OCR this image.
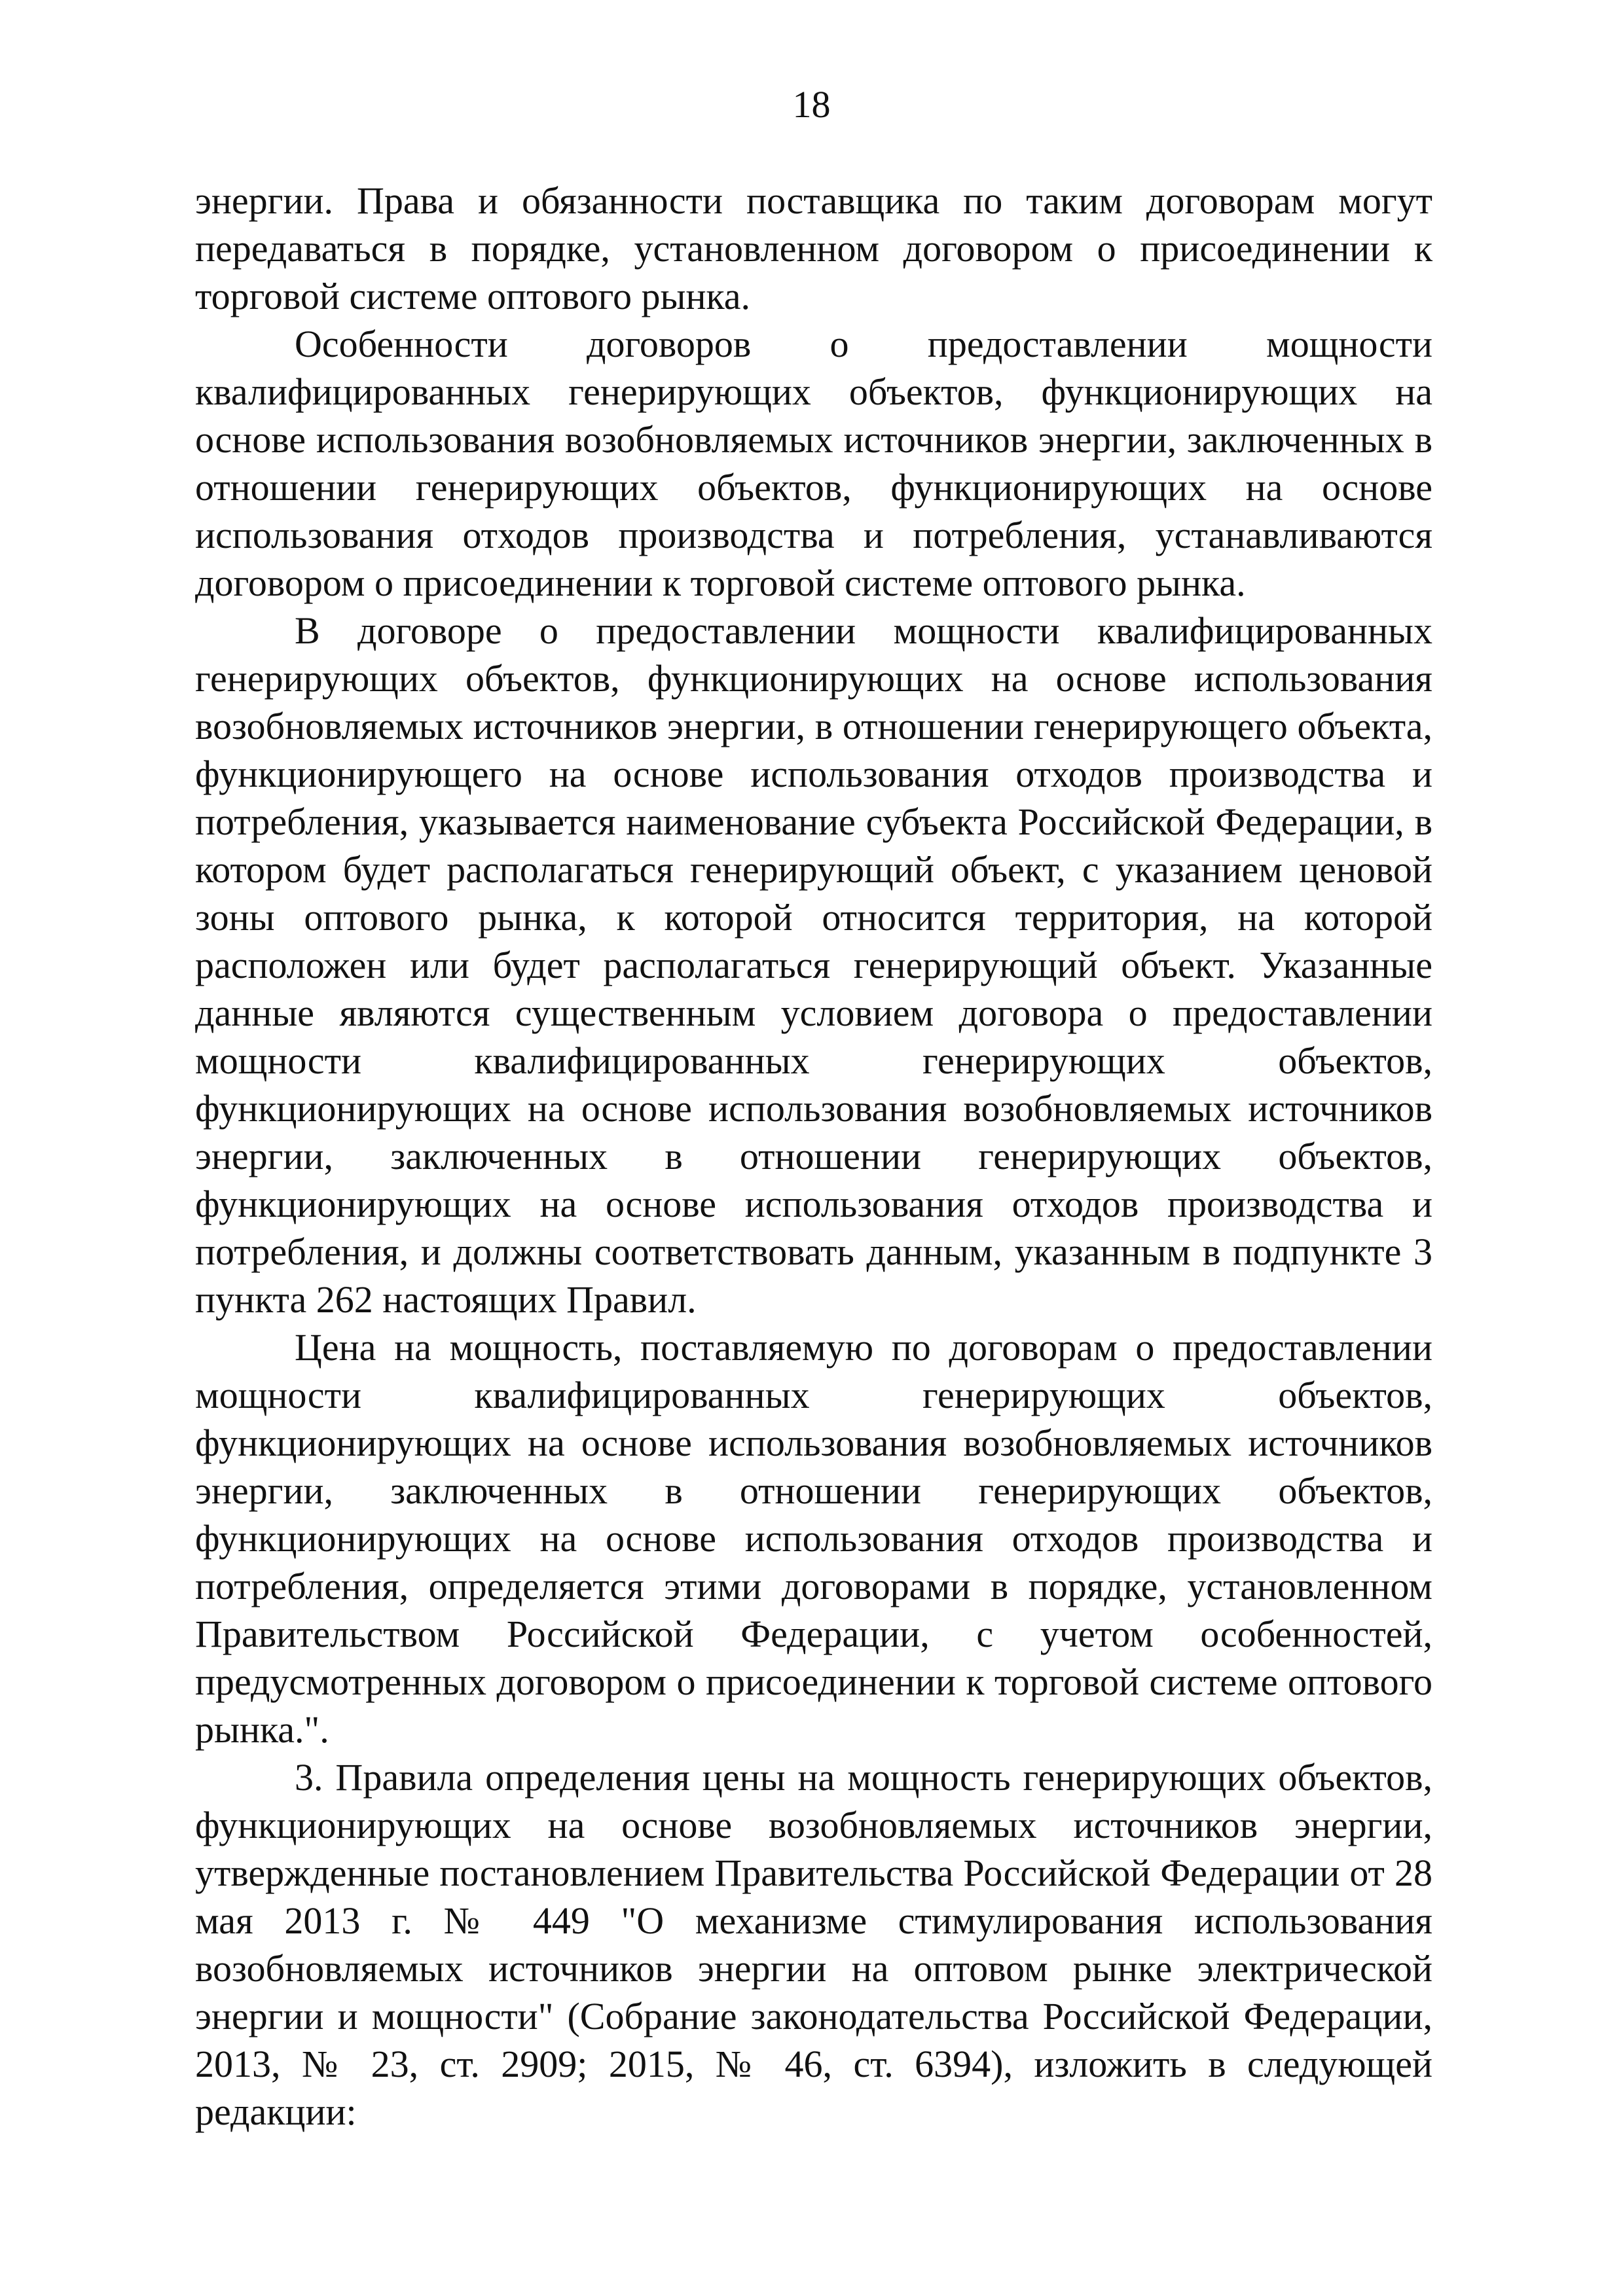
18

энергии. Права и обязанности поставщика по таким договорам могут передаваться в порядке, установленном договором о присоединении к торговой системе оптового рынка.

Особенности договоров о предоставлении мощности квалифицированных генерирующих объектов, функционирующих на основе использования возобновляемых источников энергии, заключенных в отношении генерирующих объектов, функционирующих на основе использования отходов производства и потребления, устанавливаются договором о присоединении к торговой системе оптового рынка.

В договоре о предоставлении мощности квалифицированных генерирующих объектов, функционирующих на основе использования возобновляемых источников энергии, в отношении генерирующего объекта, функционирующего на основе использования отходов производства и потребления, указывается наименование субъекта Российской Федерации, в котором будет располагаться генерирующий объект, с указанием ценовой зоны оптового рынка, к которой относится территория, на которой расположен или будет располагаться генерирующий объект. Указанные данные являются существенным условием договора о предоставлении мощности квалифицированных генерирующих объектов, функционирующих на основе использования возобновляемых источников энергии, заключенных в отношении генерирующих объектов, функционирующих на основе использования отходов производства и потребления, и должны соответствовать данным, указанным в подпункте 3 пункта 262 настоящих Правил.

Цена на мощность, поставляемую по договорам о предоставлении мощности квалифицированных генерирующих объектов, функционирующих на основе использования возобновляемых источников энергии, заключенных в отношении генерирующих объектов, функционирующих на основе использования отходов производства и потребления, определяется этими договорами в порядке, установленном Правительством Российской Федерации, с учетом особенностей, предусмотренных договором о присоединении к торговой системе оптового рынка.".

3. Правила определения цены на мощность генерирующих объектов, функционирующих на основе возобновляемых источников энергии, утвержденные постановлением Правительства Российской Федерации от 28 мая 2013 г. № 449 "О механизме стимулирования использования возобновляемых источников энергии на оптовом рынке электрической энергии и мощности" (Собрание законодательства Российской Федерации, 2013, № 23, ст. 2909; 2015, № 46, ст. 6394), изложить в следующей редакции:
